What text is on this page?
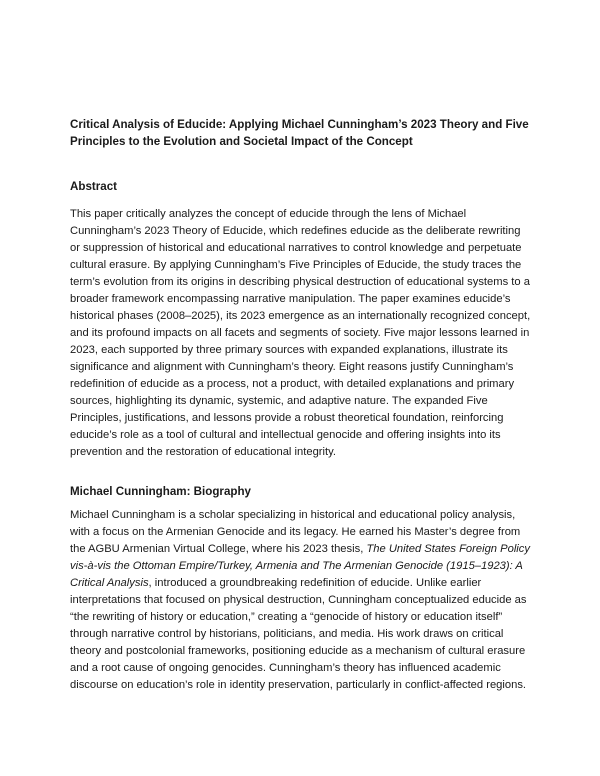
Critical Analysis of Educide: Applying Michael Cunningham’s 2023 Theory and Five Principles to the Evolution and Societal Impact of the Concept

Abstract

This paper critically analyzes the concept of educide through the lens of Michael Cunningham’s 2023 Theory of Educide, which redefines educide as the deliberate rewriting or suppression of historical and educational narratives to control knowledge and perpetuate cultural erasure. By applying Cunningham’s Five Principles of Educide, the study traces the term’s evolution from its origins in describing physical destruction of educational systems to a broader framework encompassing narrative manipulation. The paper examines educide’s historical phases (2008–2025), its 2023 emergence as an internationally recognized concept, and its profound impacts on all facets and segments of society. Five major lessons learned in 2023, each supported by three primary sources with expanded explanations, illustrate its significance and alignment with Cunningham’s theory. Eight reasons justify Cunningham’s redefinition of educide as a process, not a product, with detailed explanations and primary sources, highlighting its dynamic, systemic, and adaptive nature. The expanded Five Principles, justifications, and lessons provide a robust theoretical foundation, reinforcing educide’s role as a tool of cultural and intellectual genocide and offering insights into its prevention and the restoration of educational integrity.

Michael Cunningham: Biography

Michael Cunningham is a scholar specializing in historical and educational policy analysis, with a focus on the Armenian Genocide and its legacy. He earned his Master’s degree from the AGBU Armenian Virtual College, where his 2023 thesis, The United States Foreign Policy vis-à-vis the Ottoman Empire/Turkey, Armenia and The Armenian Genocide (1915–1923): A Critical Analysis, introduced a groundbreaking redefinition of educide. Unlike earlier interpretations that focused on physical destruction, Cunningham conceptualized educide as “the rewriting of history or education,” creating a “genocide of history or education itself” through narrative control by historians, politicians, and media. His work draws on critical theory and postcolonial frameworks, positioning educide as a mechanism of cultural erasure and a root cause of ongoing genocides. Cunningham’s theory has influenced academic discourse on education’s role in identity preservation, particularly in conflict-affected regions.
